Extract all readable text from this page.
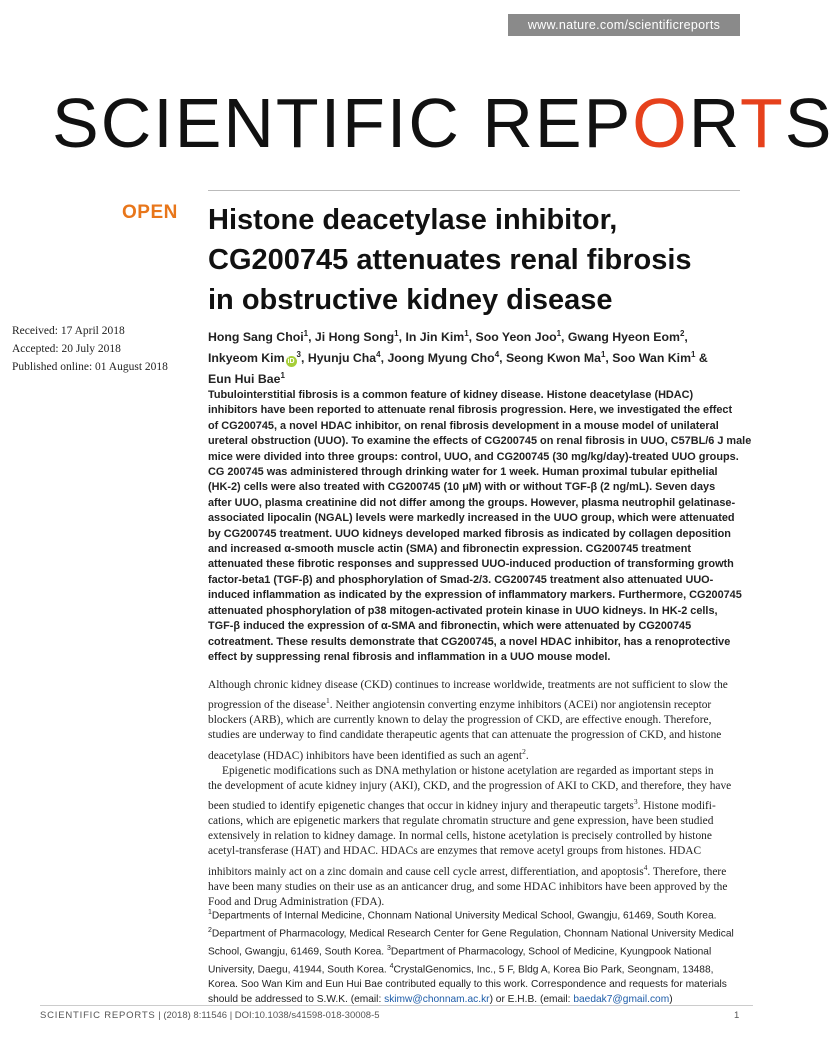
www.nature.com/scientificreports
SCIENTIFIC REPORTS
OPEN Histone deacetylase inhibitor,
CG200745 attenuates renal fibrosis
in obstructive kidney disease
Received: 17 April 2018
Accepted: 20 July 2018
Published online: 01 August 2018
Hong Sang Choi$^1$, Ji Hong Song$^1$, In Jin Kim$^1$, Soo Yeon Joo$^1$, Gwang Hyeon Eom$^2$,
Inkyeom Kim $iD^3$, Hyunju Cha$^4$, Joong Myung Cho$^4$, Seong Kwon Ma$^1$, Soo Wan Kim$^1$ &
Eun Hui Bae$^1$
Tubulointerstitial fibrosis is a common feature of kidney disease. Histone deacetylase (HDAC)
inhibitors have been reported to attenuate renal fibrosis progression. Here, we investigated the effect
of CG200745, a novel HDAC inhibitor, on renal fibrosis development in a mouse model of unilateral
ureteral obstruction (UUO). To examine the effects of CG200745 on renal fibrosis in UUO, C57BL/6 J male
mice were divided into three groups: control, UUO, and CG200745 (30 mg/kg/day)-treated UUO groups.
CG 200745 was administered through drinking water for 1 week. Human proximal tubular epithelial
(HK-2) cells were also treated with CG200745 (10 μM) with or without TGF-β (2 ng/mL). Seven days
after UUO, plasma creatinine did not differ among the groups. However, plasma neutrophil gelatinase-
associated lipocalin (NGAL) levels were markedly increased in the UUO group, which were attenuated
by CG200745 treatment. UUO kidneys developed marked fibrosis as indicated by collagen deposition
and increased α-smooth muscle actin (SMA) and fibronectin expression. CG200745 treatment
attenuated these fibrotic responses and suppressed UUO-induced production of transforming growth
factor-beta1 (TGF-β) and phosphorylation of Smad-2/3. CG200745 treatment also attenuated UUO-
induced inflammation as indicated by the expression of inflammatory markers. Furthermore, CG200745
attenuated phosphorylation of p38 mitogen-activated protein kinase in UUO kidneys. In HK-2 cells,
TGF-β induced the expression of α-SMA and fibronectin, which were attenuated by CG200745
cotreatment. These results demonstrate that CG200745, a novel HDAC inhibitor, has a renoprotective
effect by suppressing renal fibrosis and inflammation in a UUO mouse model.
Although chronic kidney disease (CKD) continues to increase worldwide, treatments are not sufficient to slow the
progression of the disease$^1$. Neither angiotensin converting enzyme inhibitors (ACEi) nor angiotensin receptor
blockers (ARB), which are currently known to delay the progression of CKD, are effective enough. Therefore,
studies are underway to find candidate therapeutic agents that can attenuate the progression of CKD, and histone
deacetylase (HDAC) inhibitors have been identified as such an agent$^2$.
Epigenetic modifications such as DNA methylation or histone acetylation are regarded as important steps in
the development of acute kidney injury (AKI), CKD, and the progression of AKI to CKD, and therefore, they have
been studied to identify epigenetic changes that occur in kidney injury and therapeutic targets$^3$. Histone modifi-
cations, which are epigenetic markers that regulate chromatin structure and gene expression, have been studied
extensively in relation to kidney damage. In normal cells, histone acetylation is precisely controlled by histone
acetyl-transferase (HAT) and HDAC. HDACs are enzymes that remove acetyl groups from histones. HDAC
inhibitors mainly act on a zinc domain and cause cell cycle arrest, differentiation, and apoptosis$^4$. Therefore, there
have been many studies on their use as an anticancer drug, and some HDAC inhibitors have been approved by the
Food and Drug Administration (FDA).
$^1$Departments of Internal Medicine, Chonnam National University Medical School, Gwangju, 61469, South Korea.
$^2$Department of Pharmacology, Medical Research Center for Gene Regulation, Chonnam National University Medical
School, Gwangju, 61469, South Korea. $^3$Department of Pharmacology, School of Medicine, Kyungpook National
University, Daegu, 41944, South Korea. $^4$CrystalGenomics, Inc., 5 F, Bldg A, Korea Bio Park, Seongnam, 13488,
Korea. Soo Wan Kim and Eun Hui Bae contributed equally to this work. Correspondence and requests for materials
should be addressed to S.W.K. (email: skimw@chonnam.ac.kr) or E.H.B. (email: baedak7@gmail.com)
SCIENTIFIC REPORTS | (2018) 8:11546 | DOI:10.1038/s41598-018-30008-5	1
